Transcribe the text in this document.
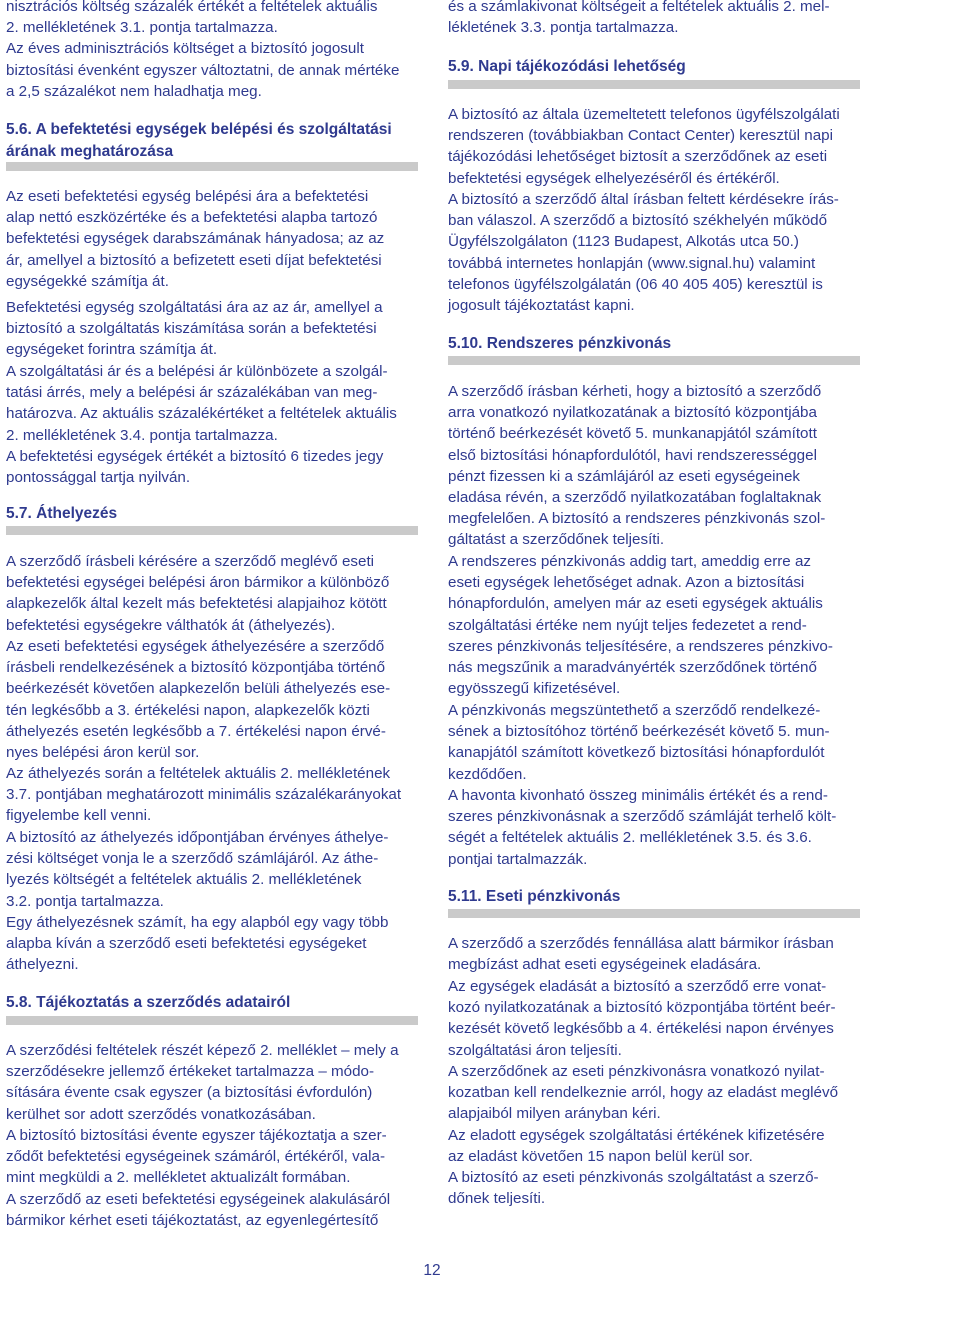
nisztrációs költség százalék értékét a feltételek aktuális
2. mellékletének 3.1. pontja tartalmazza.
Az éves adminisztrációs költséget a biztosító jogosult
biztosítási évenként egyszer változtatni, de annak mértéke
a 2,5 százalékot nem haladhatja meg.

5.6. A befektetési egységek belépési és szolgáltatási
árának meghatározása

Az eseti befektetési egység belépési ára a befektetési
alap nettó eszközértéke és a befektetési alapba tartozó
befektetési egységek darabszámának hányadosa; az az
ár, amellyel a biztosító a befizetett eseti díjat befektetési
egységekké számítja át.

Befektetési egység szolgáltatási ára az az ár, amellyel a
biztosító a szolgáltatás kiszámítása során a befektetési
egységeket forintra számítja át.

A szolgáltatási ár és a belépési ár különbözete a szolgál-
tatási árrés, mely a belépési ár százalékában van meg-
határozva. Az aktuális százalékértéket a feltételek aktuális
2. mellékletének 3.4. pontja tartalmazza.

A befektetési egységek értékét a biztosító 6 tizedes jegy
pontossággal tartja nyilván.

5.7. Áthelyezés

A szerződő írásbeli kérésére a szerződő meglévő eseti
befektetési egységei belépési áron bármikor a különböző
alapkezelők által kezelt más befektetési alapjaihoz kötött
befektetési egységekre válthatók át (áthelyezés).

Az eseti befektetési egységek áthelyezésére a szerződő
írásbeli rendelkezésének a biztosító központjába történő
beérkezését követően alapkezelőn belüli áthelyezés ese-
tén legkésőbb a 3. értékelési napon, alapkezelők közti
áthelyezés esetén legkésőbb a 7. értékelési napon érvé-
nyes belépési áron kerül sor.

Az áthelyezés során a feltételek aktuális 2. mellékletének
3.7. pontjában meghatározott minimális százalékarányokat
figyelembe kell venni.

A biztosító az áthelyezés időpontjában érvényes áthelye-
zési költséget vonja le a szerződő számlájáról. Az áthe-
lyezés költségét a feltételek aktuális 2. mellékletének
3.2. pontja tartalmazza.

Egy áthelyezésnek számít, ha egy alapból egy vagy több
alapba kíván a szerződő eseti befektetési egységeket
áthelyezni.

5.8. Tájékoztatás a szerződés adatairól

A szerződési feltételek részét képező 2. melléklet – mely a
szerződésekre jellemző értékeket tartalmazza – módo-
sítására évente csak egyszer (a biztosítási évfordulón)
kerülhet sor adott szerződés vonatkozásában.

A biztosító biztosítási évente egyszer tájékoztatja a szer-
ződőt befektetési egységeinek számáról, értékéről, vala-
mint megküldi a 2. mellékletet aktualizált formában.

A szerződő az eseti befektetési egységeinek alakulásáról
bármikor kérhet eseti tájékoztatást, az egyenlegértesítő

és a számlakivonat költségeit a feltételek aktuális 2. mel-
lékletének 3.3. pontja tartalmazza.

5.9. Napi tájékozódási lehetőség

A biztosító az általa üzemeltetett telefonos ügyfélszolgálati
rendszeren (továbbiakban Contact Center) keresztül napi
tájékozódási lehetőséget biztosít a szerződőnek az eseti
befektetési egységek elhelyezéséről és értékéről.

A biztosító a szerződő által írásban feltett kérdésekre írás-
ban válaszol. A szerződő a biztosító székhelyén működő
Ügyfélszolgálaton (1123 Budapest, Alkotás utca 50.)
továbbá internetes honlapján (www.signal.hu) valamint
telefonos ügyfélszolgálatán (06 40 405 405) keresztül is
jogosult tájékoztatást kapni.

5.10. Rendszeres pénzkivonás

A szerződő írásban kérheti, hogy a biztosító a szerződő
arra vonatkozó nyilatkozatának a biztosító központjába
történő beérkezését követő 5. munkanapjától számított
első biztosítási hónapfordulótól, havi rendszerességgel
pénzt fizessen ki a számlájáról az eseti egységeinek
eladása révén, a szerződő nyilatkozatában foglaltaknak
megfelelően. A biztosító a rendszeres pénzkivonás szol-
gáltatást a szerződőnek teljesíti.

A rendszeres pénzkivonás addig tart, ameddig erre az
eseti egységek lehetőséget adnak. Azon a biztosítási
hónapfordulón, amelyen már az eseti egységek aktuális
szolgáltatási értéke nem nyújt teljes fedezetet a rend-
szeres pénzkivonás teljesítésére, a rendszeres pénzkivo-
nás megszűnik a maradványérték szerződőnek történő
egyösszegű kifizetésével.

A pénzkivonás megszüntethető a szerződő rendelkezé-
sének a biztosítóhoz történő beérkezését követő 5. mun-
kanapjától számított következő biztosítási hónapfordulót
kezdődően.

A havonta kivonható összeg minimális értékét és a rend-
szeres pénzkivonásnak a szerződő számláját terhelő költ-
ségét a feltételek aktuális 2. mellékletének 3.5. és 3.6.
pontjai tartalmazzák.

5.11. Eseti pénzkivonás

A szerződő a szerződés fennállása alatt bármikor írásban
megbízást adhat eseti egységeinek eladására.

Az egységek eladását a biztosító a szerződő erre vonat-
kozó nyilatkozatának a biztosító központjába történt beér-
kezését követő legkésőbb a 4. értékelési napon érvényes
szolgáltatási áron teljesíti.

A szerződőnek az eseti pénzkivonásra vonatkozó nyilat-
kozatban kell rendelkeznie arról, hogy az eladást meglévő
alapjaiból milyen arányban kéri.

Az eladott egységek szolgáltatási értékének kifizetésére
az eladást követően 15 napon belül kerül sor.

A biztosító az eseti pénzkivonás szolgáltatást a szerző-
dőnek teljesíti.

12
